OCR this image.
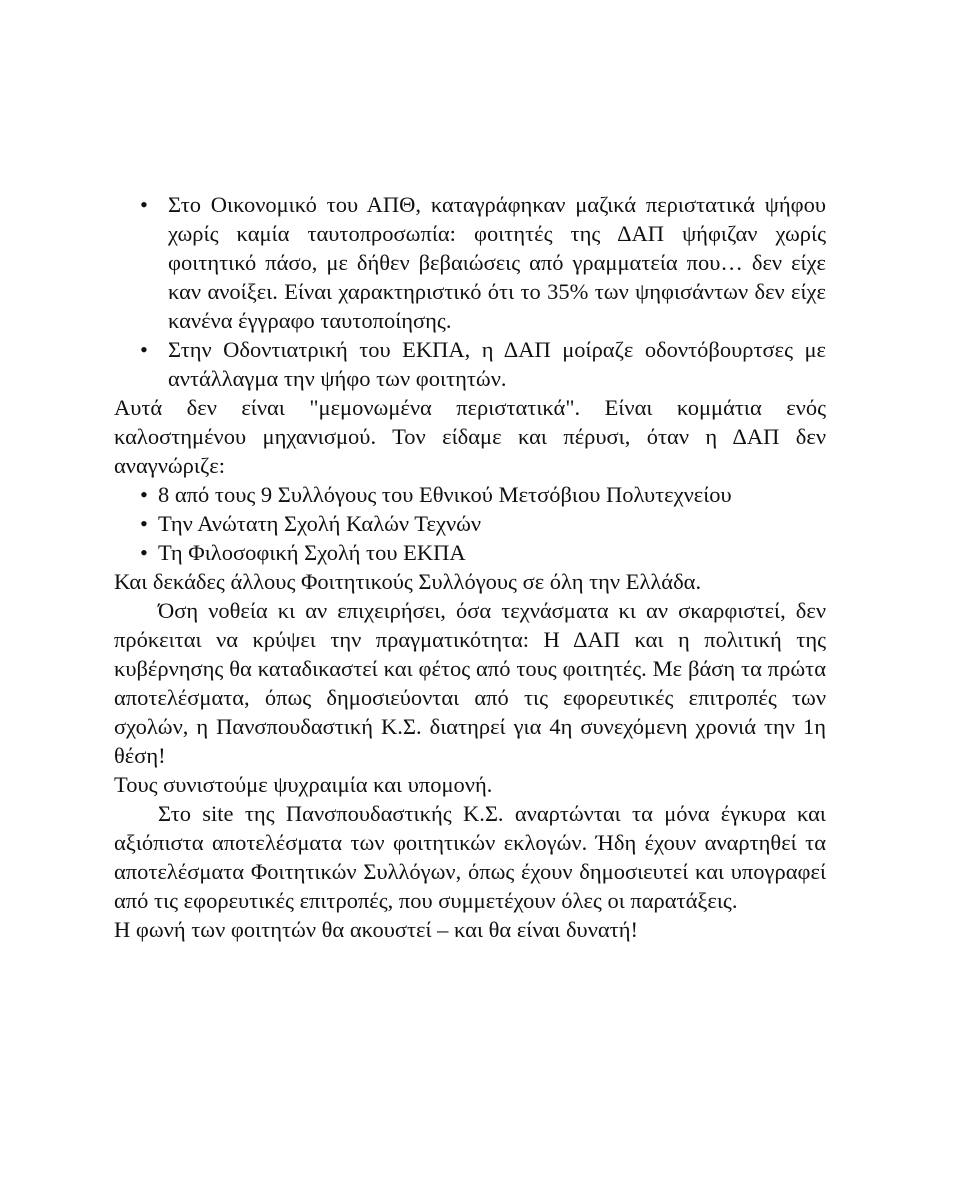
• Στο Οικονομικό του ΑΠΘ, καταγράφηκαν μαζικά περιστατικά ψήφου χωρίς καμία ταυτοπροσωπία: φοιτητές της ΔΑΠ ψήφιζαν χωρίς φοιτητικό πάσο, με δήθεν βεβαιώσεις από γραμματεία που… δεν είχε καν ανοίξει. Είναι χαρακτηριστικό ότι το 35% των ψηφισάντων δεν είχε κανένα έγγραφο ταυτοποίησης.
• Στην Οδοντιατρική του ΕΚΠΑ, η ΔΑΠ μοίραζε οδοντόβουρτσες με αντάλλαγμα την ψήφο των φοιτητών.

Αυτά δεν είναι "μεμονωμένα περιστατικά". Είναι κομμάτια ενός καλοστημένου μηχανισμού. Τον είδαμε και πέρυσι, όταν η ΔΑΠ δεν αναγνώριζε:

• 8 από τους 9 Συλλόγους του Εθνικού Μετσόβιου Πολυτεχνείου
• Την Ανώτατη Σχολή Καλών Τεχνών
• Τη Φιλοσοφική Σχολή του ΕΚΠΑ

Και δεκάδες άλλους Φοιτητικούς Συλλόγους σε όλη την Ελλάδα.

Όση νοθεία κι αν επιχειρήσει, όσα τεχνάσματα κι αν σκαρφιστεί, δεν πρόκειται να κρύψει την πραγματικότητα: Η ΔΑΠ και η πολιτική της κυβέρνησης θα καταδικαστεί και φέτος από τους φοιτητές. Με βάση τα πρώτα αποτελέσματα, όπως δημοσιεύονται από τις εφορευτικές επιτροπές των σχολών, η Πανσπουδαστική Κ.Σ. διατηρεί για 4η συνεχόμενη χρονιά την 1η θέση!

Τους συνιστούμε ψυχραιμία και υπομονή.

Στο site της Πανσπουδαστικής Κ.Σ. αναρτώνται τα μόνα έγκυρα και αξιόπιστα αποτελέσματα των φοιτητικών εκλογών. Ήδη έχουν αναρτηθεί τα αποτελέσματα Φοιτητικών Συλλόγων, όπως έχουν δημοσιευτεί και υπογραφεί από τις εφορευτικές επιτροπές, που συμμετέχουν όλες οι παρατάξεις.

Η φωνή των φοιτητών θα ακουστεί – και θα είναι δυνατή!
